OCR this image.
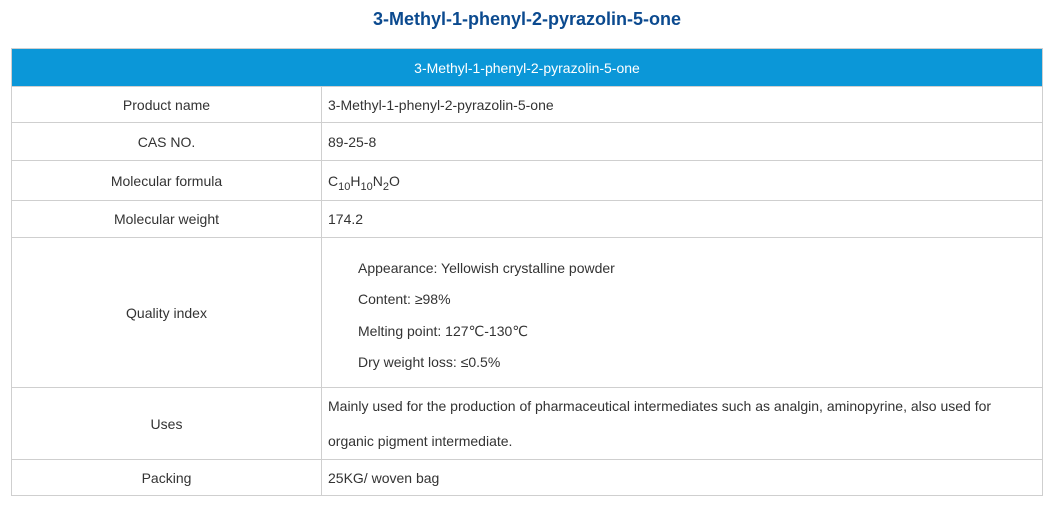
3-Methyl-1-phenyl-2-pyrazolin-5-one
3-Methyl-1-phenyl-2-pyrazolin-5-one	
Product name	3-Methyl-1-phenyl-2-pyrazolin-5-one
CAS NO.	89-25-8
Molecular formula	$C_{10}H_{10}N_2O$
Molecular weight	174.2
Quality index	Appearance: Yellowish crystalline powder
Content: ≥98%
Melting point: 127℃-130℃
Dry weight loss: ≤0.5%

Uses	Mainly used for the production of pharmaceutical intermediates such as analgin, aminopyrine, also used for organic pigment intermediate.

Packing	25KG/ woven bag
